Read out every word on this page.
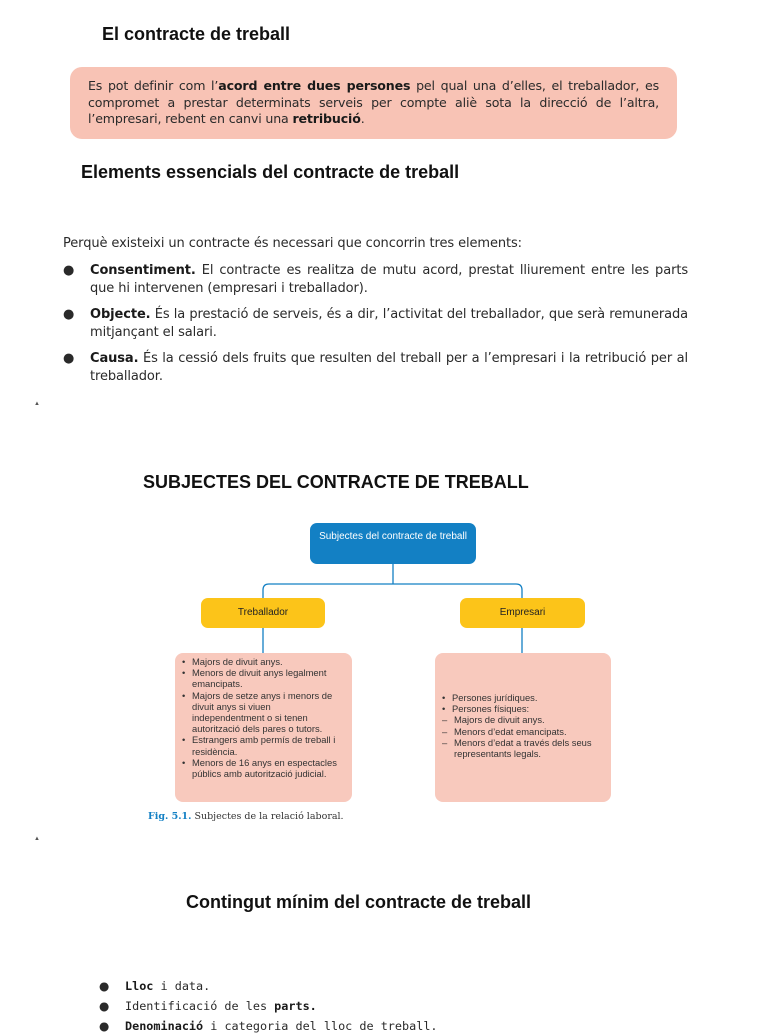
El contracte de treball
Es pot definir com l’acord entre dues persones pel qual una d’elles, el treballador, es compromet a prestar determinats serveis per compte aliè sota la direcció de l’altra, l’empresari, rebent en canvi una retribució.
Elements essencials del contracte de treball
Perquè existeixi un contracte és necessari que concorrin tres elements:
● Consentiment. El contracte es realitza de mutu acord, prestat lliurement entre les parts que hi intervenen (empresari i treballador).
● Objecte. És la prestació de serveis, és a dir, l’activitat del treballador, que serà remunerada mitjançant el salari.
● Causa. És la cessió dels fruits que resulten del treball per a l’empresari i la retribució per al treballador.
▲
SUBJECTES DEL CONTRACTE DE TREBALL
Subjectes del contracte de treball
Treballador	Empresari
• Majors de divuit anys.
• Menors de divuit anys legalment emancipats.
• Majors de setze anys i menors de divuit anys si viuen independentment o si tenen autorització dels pares o tutors.
• Estrangers amb permís de treball i residència.
• Menors de 16 anys en espectacles públics amb autorització judicial.
• Persones jurídiques.
• Persones físiques:
– Majors de divuit anys.
– Menors d’edat emancipats.
– Menors d’edat a través dels seus representants legals.
Fig. 5.1. Subjectes de la relació laboral.
▲
Contingut mínim del contracte de treball
● Lloc i data.
● Identificació de les parts.
● Denominació i categoria del lloc de treball.
